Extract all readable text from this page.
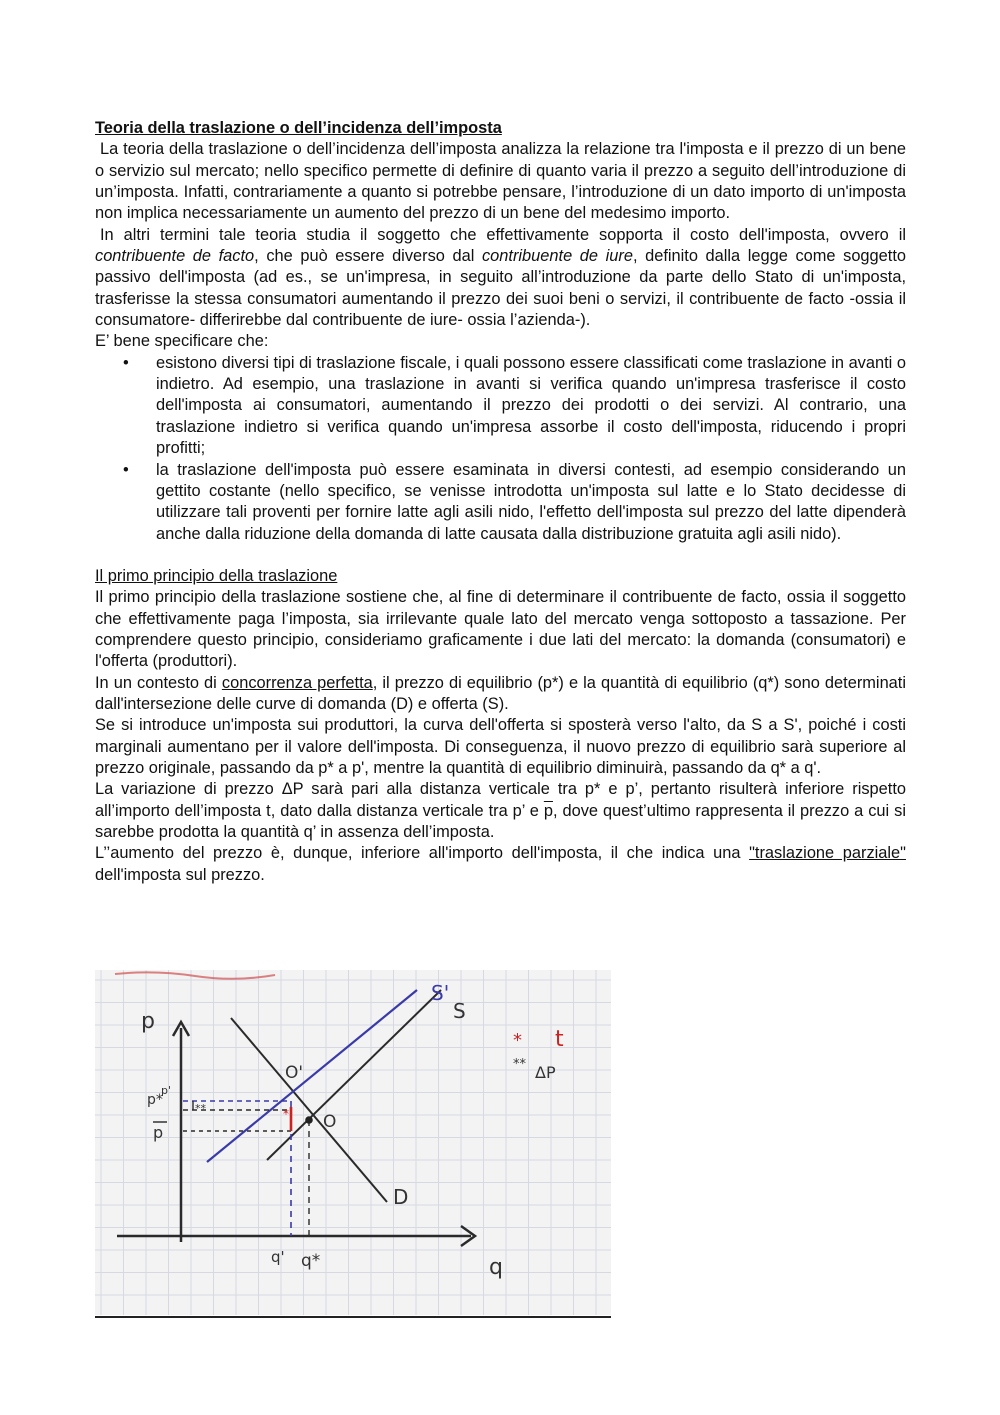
Teoria della traslazione o dell’incidenza dell’imposta
La teoria della traslazione o dell’incidenza dell’imposta analizza la relazione tra l'imposta e il prezzo di un bene o servizio sul mercato; nello specifico permette di definire di quanto varia il prezzo a seguito dell’introduzione di un’imposta. Infatti, contrariamente a quanto si potrebbe pensare, l’introduzione di un dato importo di un'imposta non implica necessariamente un aumento del prezzo di un bene del medesimo importo.
In altri termini tale teoria studia il soggetto che effettivamente sopporta il costo dell'imposta, ovvero il contribuente de facto, che può essere diverso dal contribuente de iure, definito dalla legge come soggetto passivo dell'imposta (ad es., se un'impresa, in seguito all’introduzione da parte dello Stato di un'imposta, trasferisse la stessa consumatori aumentando il prezzo dei suoi beni o servizi, il contribuente de facto -ossia il consumatore- differirebbe dal contribuente de iure- ossia l’azienda-).
E’ bene specificare che:
• esistono diversi tipi di traslazione fiscale, i quali possono essere classificati come traslazione in avanti o indietro. Ad esempio, una traslazione in avanti si verifica quando un'impresa trasferisce il costo dell'imposta ai consumatori, aumentando il prezzo dei prodotti o dei servizi. Al contrario, una traslazione indietro si verifica quando un'impresa assorbe il costo dell'imposta, riducendo i propri profitti;
• la traslazione dell'imposta può essere esaminata in diversi contesti, ad esempio considerando un gettito costante (nello specifico, se venisse introdotta un'imposta sul latte e lo Stato decidesse di utilizzare tali proventi per fornire latte agli asili nido, l'effetto dell'imposta sul prezzo del latte dipenderà anche dalla riduzione della domanda di latte causata dalla distribuzione gratuita agli asili nido).
Il primo principio della traslazione
Il primo principio della traslazione sostiene che, al fine di determinare il contribuente de facto, ossia il soggetto che effettivamente paga l’imposta, sia irrilevante quale lato del mercato venga sottoposto a tassazione. Per comprendere questo principio, consideriamo graficamente i due lati del mercato: la domanda (consumatori) e l'offerta (produttori).
In un contesto di concorrenza perfetta, il prezzo di equilibrio (p*) e la quantità di equilibrio (q*) sono determinati dall'intersezione delle curve di domanda (D) e offerta (S).
Se si introduce un'imposta sui produttori, la curva dell'offerta si sposterà verso l'alto, da S a S', poiché i costi marginali aumentano per il valore dell'imposta. Di conseguenza, il nuovo prezzo di equilibrio sarà superiore al prezzo originale, passando da p* a p', mentre la quantità di equilibrio diminuirà, passando da q* a q'.
La variazione di prezzo ΔP sarà pari alla distanza verticale tra p* e p’, pertanto risulterà inferiore rispetto all’importo dell’imposta t, dato dalla distanza verticale tra p’ e $\overline{p}$, dove quest’ultimo rappresenta il prezzo a cui si sarebbe prodotta la quantità q’ in assenza dell’imposta.
L’’aumento del prezzo è, dunque, inferiore all'importo dell'imposta, il che indica una "traslazione parziale" dell'imposta sul prezzo.
p
q
S
S'
D
O
O'
p*
p'
p
q' q*
**	*
* t
** ΔP
